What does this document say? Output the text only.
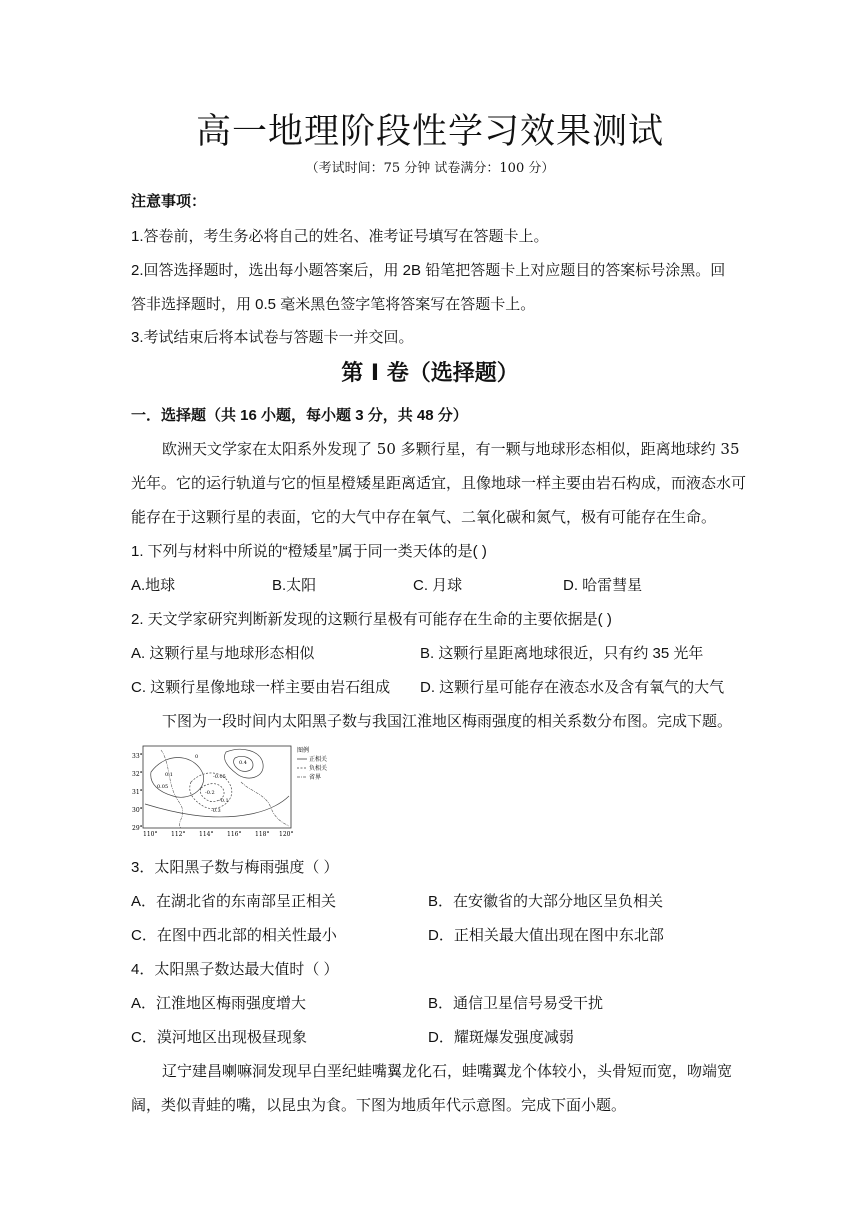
高一地理阶段性学习效果测试
（考试时间：75 分钟 试卷满分：100 分）
注意事项：
1.答卷前，考生务必将自己的姓名、准考证号填写在答题卡上。
2.回答选择题时，选出每小题答案后，用 2B 铅笔把答题卡上对应题目的答案标号涂黑。回
答非选择题时，用 0.5 毫米黑色签字笔将答案写在答题卡上。
3.考试结束后将本试卷与答题卡一并交回。
第 I 卷（选择题）
一．选择题（共 16 小题，每小题 3 分，共 48 分）
欧洲天文学家在太阳系外发现了 50 多颗行星，有一颗与地球形态相似，距离地球约 35
光年。它的运行轨道与它的恒星橙矮星距离适宜，且像地球一样主要由岩石构成，而液态水可
能存在于这颗行星的表面，它的大气中存在氧气、二氧化碳和氮气，极有可能存在生命。
1. 下列与材料中所说的“橙矮星”属于同一类天体的是( )
A.地球	B.太阳	C. 月球	D. 哈雷彗星
2. 天文学家研究判断新发现的这颗行星极有可能存在生命的主要依据是( )
A. 这颗行星与地球形态相似	B. 这颗行星距离地球很近，只有约 35 光年
C. 这颗行星像地球一样主要由岩石组成 D. 这颗行星可能存在液态水及含有氧气的大气
下图为一段时间内太阳黑子数与我国江淮地区梅雨强度的相关系数分布图。完成下题。
33°
32°
31°
30°
29°
110° 112° 114° 116° 118° 120°
0.1
0.05
-0.05
-0.1
-0.2
-0.3
0.4
0
图例
正相关
负相关
省界
3．太阳黑子数与梅雨强度（ ）
A．在湖北省的东南部呈正相关	B．在安徽省的大部分地区呈负相关
C．在图中西北部的相关性最小	D．正相关最大值出现在图中东北部
4．太阳黑子数达最大值时（ ）
A．江淮地区梅雨强度增大	B．通信卫星信号易受干扰
C．漠河地区出现极昼现象	D．耀斑爆发强度减弱
辽宁建昌喇嘛洞发现早白垩纪蛙嘴翼龙化石，蛙嘴翼龙个体较小，头骨短而宽，吻端宽
阔，类似青蛙的嘴，以昆虫为食。下图为地质年代示意图。完成下面小题。
